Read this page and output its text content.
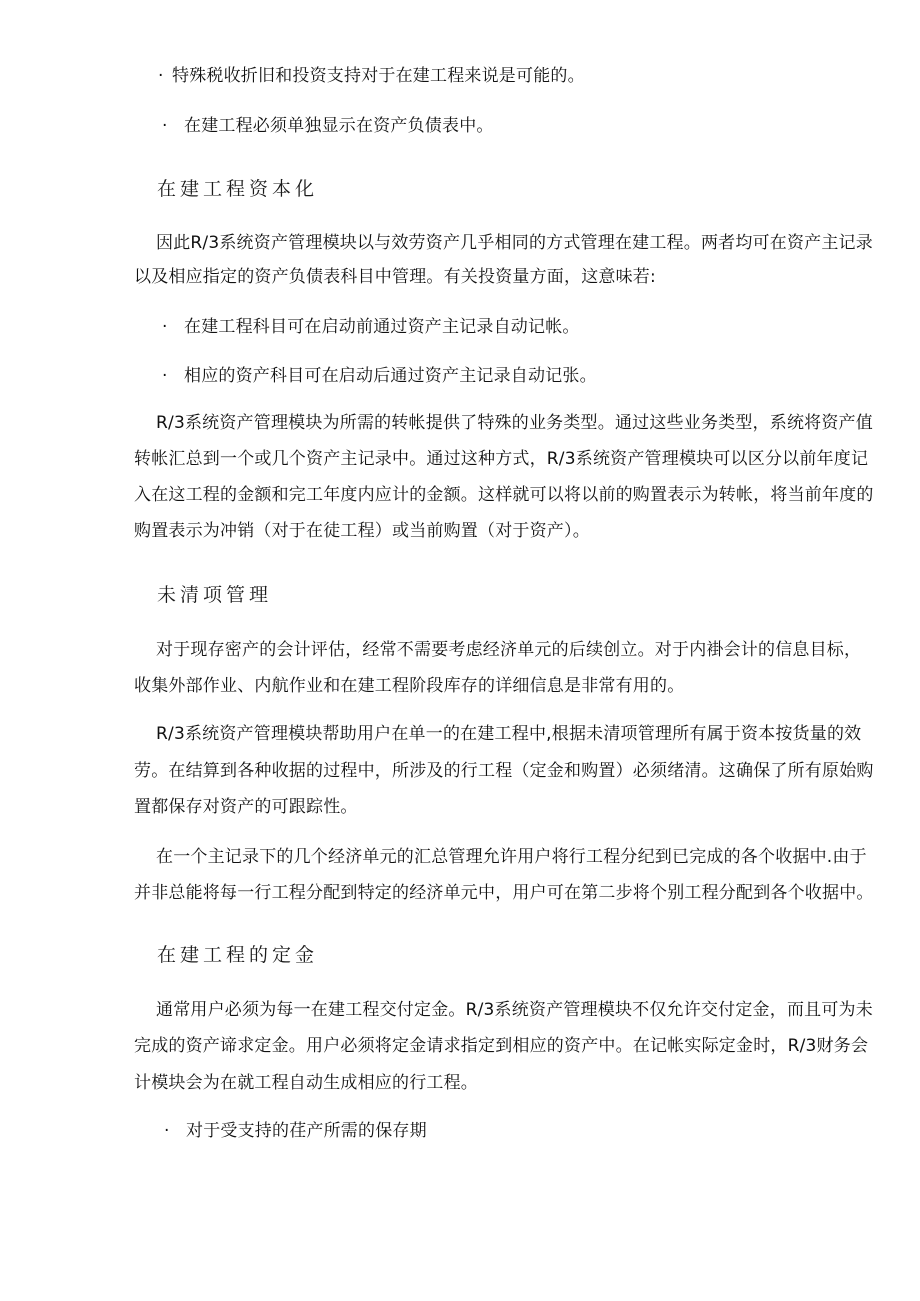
· 特殊税收折旧和投资支持对于在建工程来说是可能的。
· 在建工程必须单独显示在资产负债表中。
在建工程资本化
因此R/3系统资产管理模块以与效劳资产几乎相同的方式管理在建工程。两者均可在资产主记录
以及相应指定的资产负债表科目中管理。有关投资量方面，这意味若:
· 在建工程科目可在启动前通过资产主记录自动记帐。
· 相应的资产科目可在启动后通过资产主记录自动记张。
R/3系统资产管理模块为所需的转帐提供了特殊的业务类型。通过这些业务类型，系统将资产值
转帐汇总到一个或几个资产主记录中。通过这种方式，R/3系统资产管理模块可以区分以前年度记
入在这工程的金额和完工年度内应计的金额。这样就可以将以前的购置表示为转帐，将当前年度的
购置表示为冲销（对于在徒工程）或当前购置（对于资产）。
未清项管理
对于现存密产的会计评估，经常不需要考虑经济单元的后续创立。对于内褂会计的信息目标，
收集外部作业、内航作业和在建工程阶段库存的详细信息是非常有用的。
R/3系统资产管理模块帮助用户在单一的在建工程中,根据未清项管理所有属于资本按货量的效
劳。在结算到各种收据的过程中，所涉及的行工程（定金和购置）必须绪清。这确保了所有原始购
置都保存对资产的可跟踪性。
在一个主记录下的几个经济单元的汇总管理允许用户将行工程分纪到已完成的各个收据中.由于
并非总能将每一行工程分配到特定的经济单元中，用户可在第二步将个别工程分配到各个收据中。
在建工程的定金
通常用户必须为每一在建工程交付定金。R/3系统资产管理模块不仅允许交付定金，而且可为未
完成的资产谛求定金。用户必须将定金请求指定到相应的资产中。在记帐实际定金时，R/3财务会
计模块会为在就工程自动生成相应的行工程。
· 对于受支持的荏产所需的保存期
